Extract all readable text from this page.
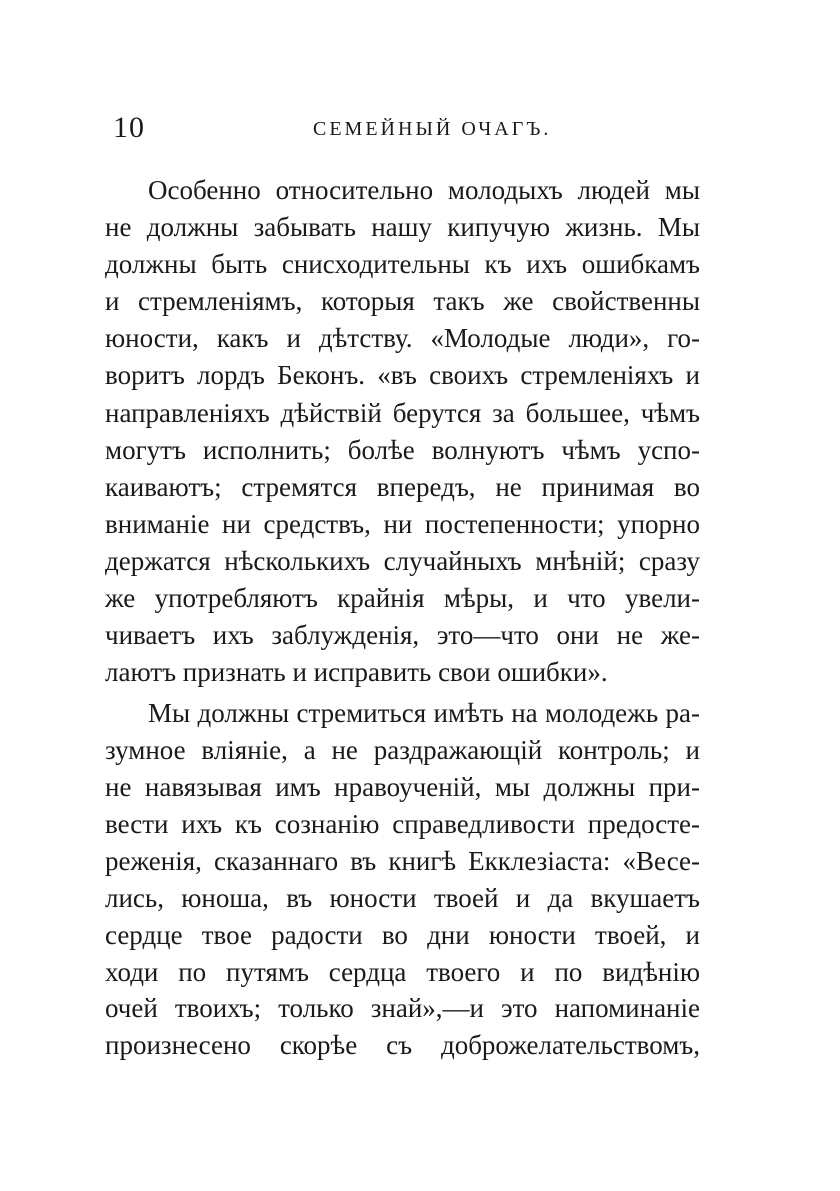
10	СЕМЕЙНЫЙ ОЧАГЪ.
Особенно относительно молодыхъ людей мы
не должны забывать нашу кипучую жизнь. Мы
должны быть снисходительны къ ихъ ошибкамъ
и стремленіямъ, которыя такъ же свойственны
юности, какъ и дѣтству. «Молодые люди», го-
воритъ лордъ Беконъ. «въ своихъ стремленіяхъ и
направленіяхъ дѣйствій берутся за большее, чѣмъ
могутъ исполнить; болѣе волнуютъ чѣмъ успо-
каиваютъ; стремятся впередъ, не принимая во
вниманіе ни средствъ, ни постепенности; упорно
держатся нѣсколькихъ случайныхъ мнѣній; сразу
же употребляютъ крайнія мѣры, и что увели-
чиваетъ ихъ заблужденія, это—что они не же-
лаютъ признать и исправить свои ошибки».
Мы должны стремиться имѣть на молодежь ра-
зумное вліяніе, а не раздражающій контроль; и
не навязывая имъ нравоученій, мы должны при-
вести ихъ къ сознанію справедливости предосте-
реженія, сказаннаго въ книгѣ Екклезіаста: «Весе-
лись, юноша, въ юности твоей и да вкушаетъ
сердце твое радости во дни юности твоей, и
ходи по путямъ сердца твоего и по видѣнію
очей твоихъ; только знай»,—и это напоминаніе
произнесено скорѣе съ доброжелательствомъ,
